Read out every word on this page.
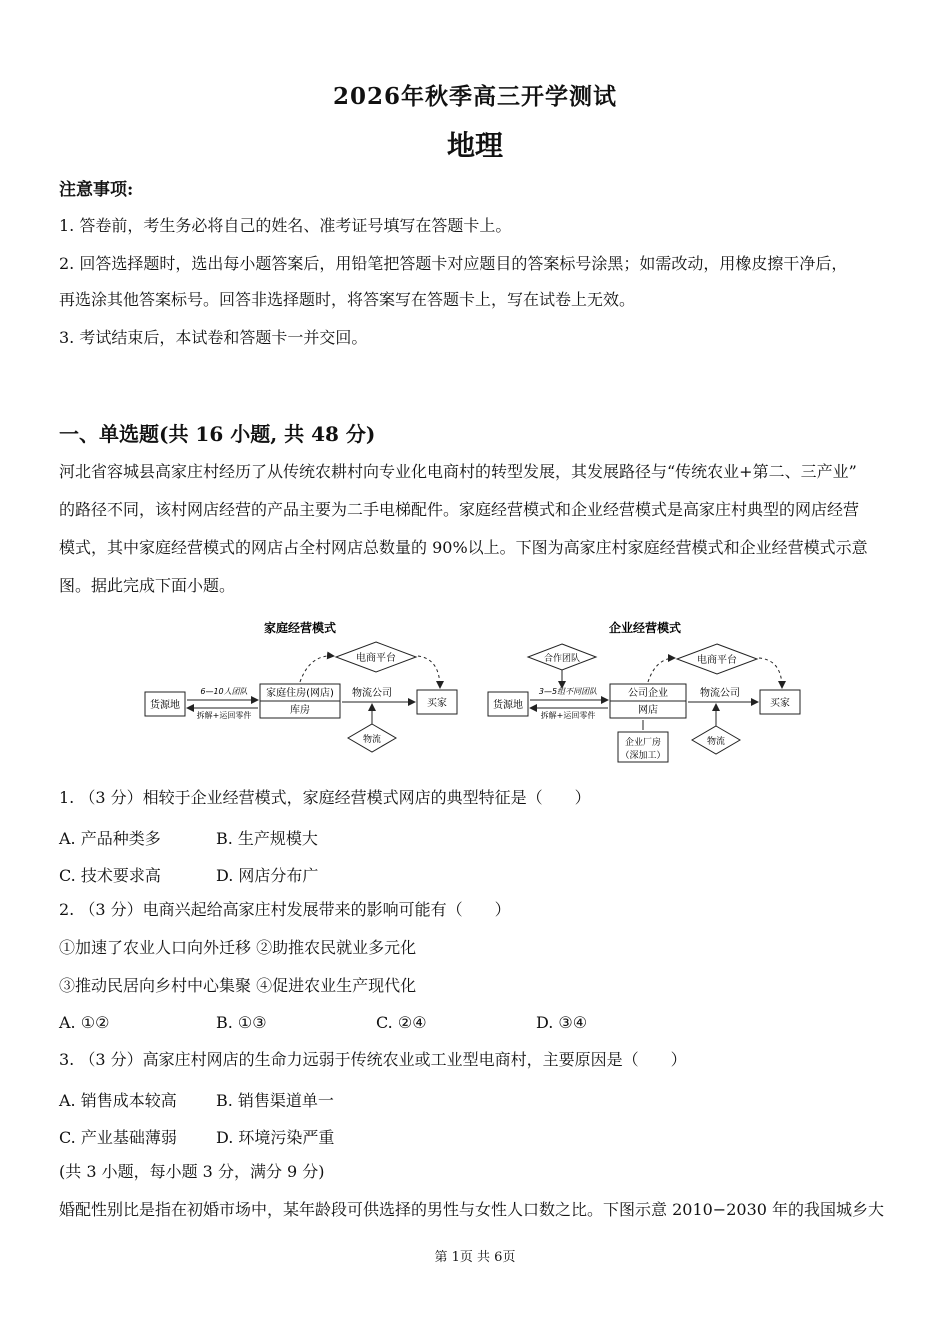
2026年秋季高三开学测试
地理
注意事项:
1. 答卷前，考生务必将自己的姓名、准考证号填写在答题卡上。
2. 回答选择题时，选出每小题答案后，用铅笔把答题卡对应题目的答案标号涂黑；如需改动，用橡皮擦干净后，
再选涂其他答案标号。回答非选择题时，将答案写在答题卡上，写在试卷上无效。
3. 考试结束后，本试卷和答题卡一并交回。
一、单选题(共 16 小题, 共 48 分)
河北省容城县高家庄村经历了从传统农耕村向专业化电商村的转型发展，其发展路径与“传统农业+第二、三产业”
的路径不同，该村网店经营的产品主要为二手电梯配件。家庭经营模式和企业经营模式是高家庄村典型的网店经营
模式，其中家庭经营模式的网店占全村网店总数量的 90%以上。下图为高家庄村家庭经营模式和企业经营模式示意
图。据此完成下面小题。
家庭经营模式
货源地
6—10人团队
拆解+运回零件
家庭住房(网店)
库房
物流公司
买家
电商平台
物流
企业经营模式
货源地
3—5组不同团队
拆解+运回零件
合作团队
公司企业
网店
企业厂房
（深加工）
物流公司
买家
电商平台
物流
1. （3 分）相较于企业经营模式，家庭经营模式网店的典型特征是（　　）
A. 产品种类多	B. 生产规模大
C. 技术要求高	D. 网店分布广
2. （3 分）电商兴起给高家庄村发展带来的影响可能有（　　）
①加速了农业人口向外迁移 ②助推农民就业多元化
③推动民居向乡村中心集聚 ④促进农业生产现代化
A. ①②	B. ①③	C. ②④	D. ③④
3. （3 分）高家庄村网店的生命力远弱于传统农业或工业型电商村，主要原因是（　　）
A. 销售成本较高 B. 销售渠道单一
C. 产业基础薄弱 D. 环境污染严重
(共 3 小题，每小题 3 分，满分 9 分)
婚配性别比是指在初婚市场中，某年龄段可供选择的男性与女性人口数之比。下图示意 2010−2030 年的我国城乡大
第 1页 共 6页
